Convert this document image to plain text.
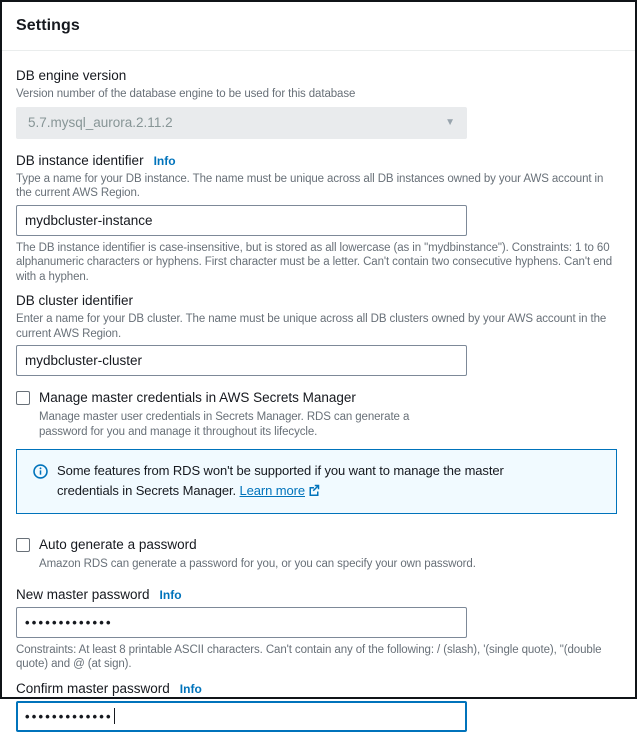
Settings
DB engine version
Version number of the database engine to be used for this database
5.7.mysql_aurora.2.11.2	▼
DB instance identifier Info
Type a name for your DB instance. The name must be unique across all DB instances owned by your AWS account in the current AWS Region.
mydbcluster-instance
The DB instance identifier is case-insensitive, but is stored as all lowercase (as in "mydbinstance"). Constraints: 1 to 60 alphanumeric characters or hyphens. First character must be a letter. Can't contain two consecutive hyphens. Can't end with a hyphen.
DB cluster identifier
Enter a name for your DB cluster. The name must be unique across all DB clusters owned by your AWS account in the current AWS Region.
mydbcluster-cluster
Manage master credentials in AWS Secrets Manager
Manage master user credentials in Secrets Manager. RDS can generate a password for you and manage it throughout its lifecycle.
Some features from RDS won't be supported if you want to manage the master credentials in Secrets Manager. Learn more
Auto generate a password
Amazon RDS can generate a password for you, or you can specify your own password.
New master password Info
•••••••••••••
Constraints: At least 8 printable ASCII characters. Can't contain any of the following: / (slash), '(single quote), "(double quote) and @ (at sign).
Confirm master password Info
•••••••••••••
